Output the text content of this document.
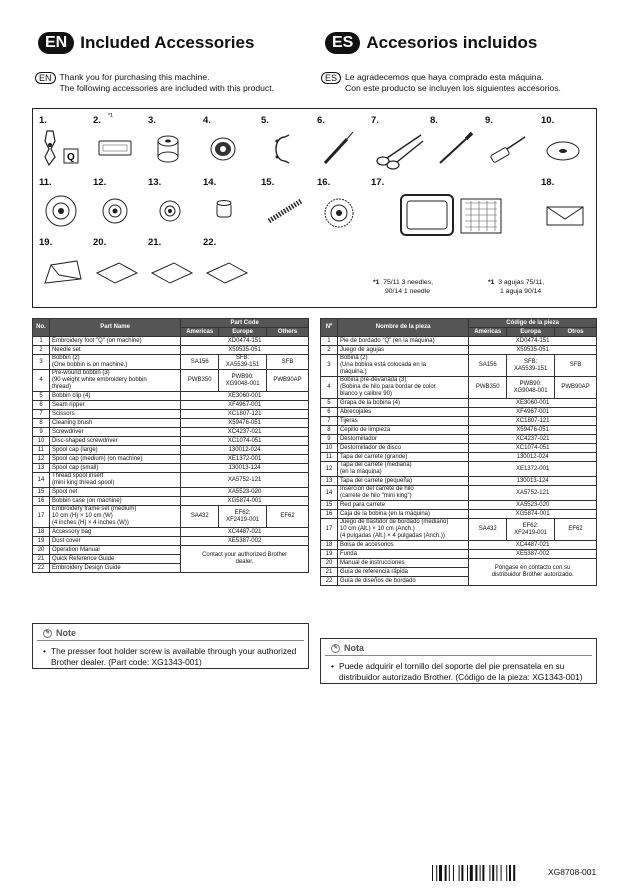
EN Included Accessories	ES Accesorios incluidos
EN Thank you for purchasing this machine.
The following accessories are included with this product.
ES Le agradecemos que haya comprado esta máquina.
Con este producto se incluyen los siguientes accesorios.
1.
Q
2. *1	3.	4.	5.	6.	7.	8.	9.	10.
11.	12.	13.	14.	15.	16.	17.	18.
19.	20.	21.	22.
*1 75/11 3 needles,
90/14 1 needle
*1 3 agujas 75/11,
1 aguja 90/14
No.	Part Name	Part Code		
		Americas	Europe	Others
1	Embroidery foot "Q" (on machine)	XD0474-151		
2	Needle set	X59535-051		
3	Bobbin (2)
(One bobbin is on machine.)	SA156	SFB:
XA5539-151	SFB
4	Pre-wound bobbin (3)
(90 weight white embroidery bobbin
thread)	PWB350	PWB90:
XG9048-001	PWB90AP
5	Bobbin clip (4)	XE3060-001		
6	Seam ripper	XF4967-001		
7	Scissors	XC1807-121		
8	Cleaning brush	X59476-051		
9	Screwdriver	XC4237-021		
10	Disc-shaped screwdriver	XC1074-051		
11	Spool cap (large)	130012-024		
12	Spool cap (medium) (on machine)	XE1372-001		
13	Spool cap (small)	130013-124		
14	Thread spool insert
(mini king thread spool)	XA5752-121		
15	Spool net	XA5523-020		
16	Bobbin case (on machine)	XG5874-001		
17	Embroidery frame set (medium)
10 cm (H) × 10 cm (W)
(4 inches (H) × 4 inches (W))	SA432	EF62:
XF2419-001	EF62
18	Accessory bag	XC4487-021		
19	Dust cover	XE5387-002		
20	Operation Manual	Contact your authorized Brother
dealer.		

21	Quick Reference Guide			

22	Embroidery Design Guide			
Nº	Nombre de la pieza	Código de la pieza		
		Américas	Europa	Otros
1	Pie de bordado "Q" (en la máquina)	XD0474-151		
2	Juego de agujas	X59535-051		
3	Bobina (2)
(Una bobina está colocada en la
máquina.)	SA156	SFB:
XA5539-151	SFB
4	Bobina pre-devanada (3)
(Bobina de hilo para bordar de color
blanco y calibre 90)	PWB350	PWB90:
XG9048-001	PWB90AP
5	Grapa de la bobina (4)	XE3060-001		
6	Abrecojales	XF4967-001		
7	Tijeras	XC1807-121		
8	Cepillo de limpieza	X59476-051		
9	Destornillador	XC4237-021		
10	Destornillador de disco	XC1074-051		
11	Tapa del carrete (grande)	130012-024		
12	Tapa del carrete (mediana)
(en la máquina)	XE1372-001		
13	Tapa del carrete (pequeña)	130013-124		
14	Inserción del carrete de hilo
(carrete de hilo "mini king")	XA5752-121		
15	Red para carrete	XA5523-020		
16	Caja de la bobina (en la máquina)	XG5874-001		
17	Juego de bastidor de bordado (mediano)
10 cm (Alt.) × 10 cm (Anch.)
(4 pulgadas (Alt.) × 4 pulgadas (Anch.))	SA432	EF62:
XF2419-001	EF62
18	Bolsa de accesorios	XC4487-021		
19	Funda	XE5387-002		
20	Manual de instrucciones	Póngase en contacto con su
distribuidor Brother autorizado.		

21	Guía de referencia rápida			

22	Guía de diseños de bordado			
✎ Note
• The presser foot holder screw is available through your authorized Brother dealer. (Part code: XG1343-001)
✎ Nota
• Puede adquirir el tornillo del soporte del pie prensatela en su distribuidor autorizado Brother. (Código de la pieza: XG1343-001)
XG8708-001
